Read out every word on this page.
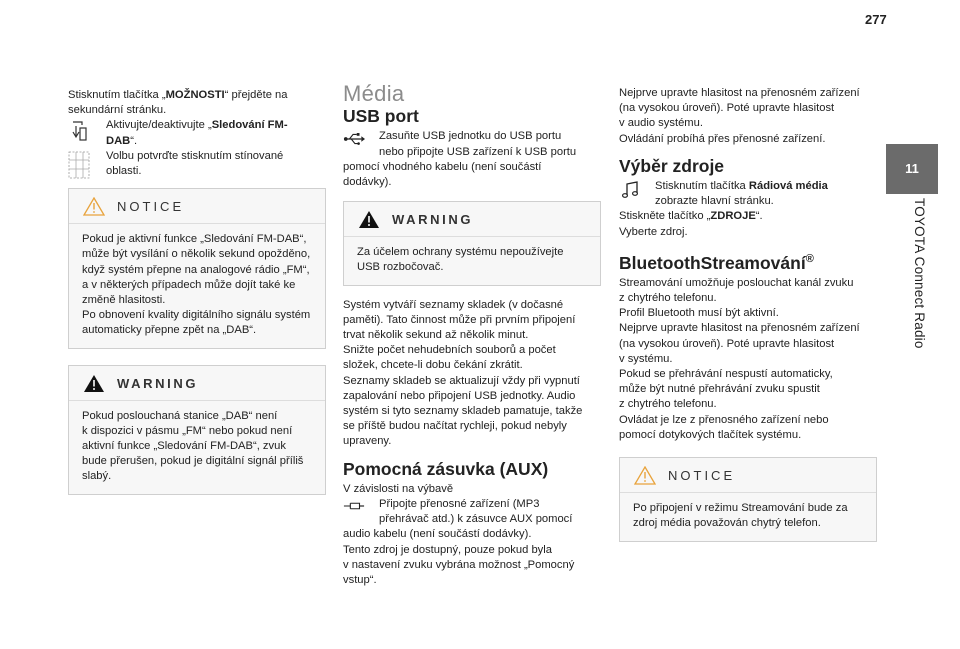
277
11
TOYOTA Connect Radio

Stisknutím tlačítka „MOŽNOSTI“ přejděte na

sekundární stránku.

Aktivujte/deaktivujte „Sledování FM-DAB“.

Volbu potvrďte stisknutím stínované oblasti.

NOTICE

Pokud je aktivní funkce „Sledování FM-DAB“,

může být vysílání o několik sekund opožděno,

když systém přepne na analogové rádio „FM“,

a v některých případech může dojít také ke

změně hlasitosti.

Po obnovení kvality digitálního signálu systém

automaticky přepne zpět na „DAB“.

WARNING

Pokud poslouchaná stanice „DAB“ není

k dispozici v pásmu „FM“ nebo pokud není

aktivní funkce „Sledování FM-DAB“, zvuk

bude přerušen, pokud je digitální signál příliš

slabý.

Média
USB port

Zasuňte USB jednotku do USB portu

nebo připojte USB zařízení k USB portu

pomocí vhodného kabelu (není součástí

dodávky).

WARNING

Za účelem ochrany systému nepoužívejte

USB rozbočovač.

Systém vytváří seznamy skladek (v dočasné

paměti). Tato činnost může při prvním připojení

trvat několik sekund až několik minut.

Snižte počet nehudebních souborů a počet

složek, chcete-li dobu čekání zkrátit.

Seznamy skladeb se aktualizují vždy při vypnutí

zapalování nebo připojení USB jednotky. Audio

systém si tyto seznamy skladeb pamatuje, takže

se příště budou načítat rychleji, pokud nebyly

upraveny.

Pomocná zásuvka (AUX)

V závislosti na výbavě

Připojte přenosné zařízení (MP3

přehrávač atd.) k zásuvce AUX pomocí

audio kabelu (není součástí dodávky).

Tento zdroj je dostupný, pouze pokud byla

v nastavení zvuku vybrána možnost „Pomocný

vstup“.

Nejprve upravte hlasitost na přenosném zařízení

(na vysokou úroveň). Poté upravte hlasitost

v audio systému.

Ovládání probíhá přes přenosné zařízení.

Výběr zdroje

Stisknutím tlačítka Rádiová média

zobrazte hlavní stránku.

Stiskněte tlačítko „ZDROJE“.

Vyberte zdroj.

BluetoothStreamování®

Streamování umožňuje poslouchat kanál zvuku

z chytrého telefonu.

Profil Bluetooth musí být aktivní.

Nejprve upravte hlasitost na přenosném zařízení

(na vysokou úroveň). Poté upravte hlasitost

v systému.

Pokud se přehrávání nespustí automaticky,

může být nutné přehrávání zvuku spustit

z chytrého telefonu.

Ovládat je lze z přenosného zařízení nebo

pomocí dotykových tlačítek systému.

NOTICE

Po připojení v režimu Streamování bude za

zdroj média považován chytrý telefon.
